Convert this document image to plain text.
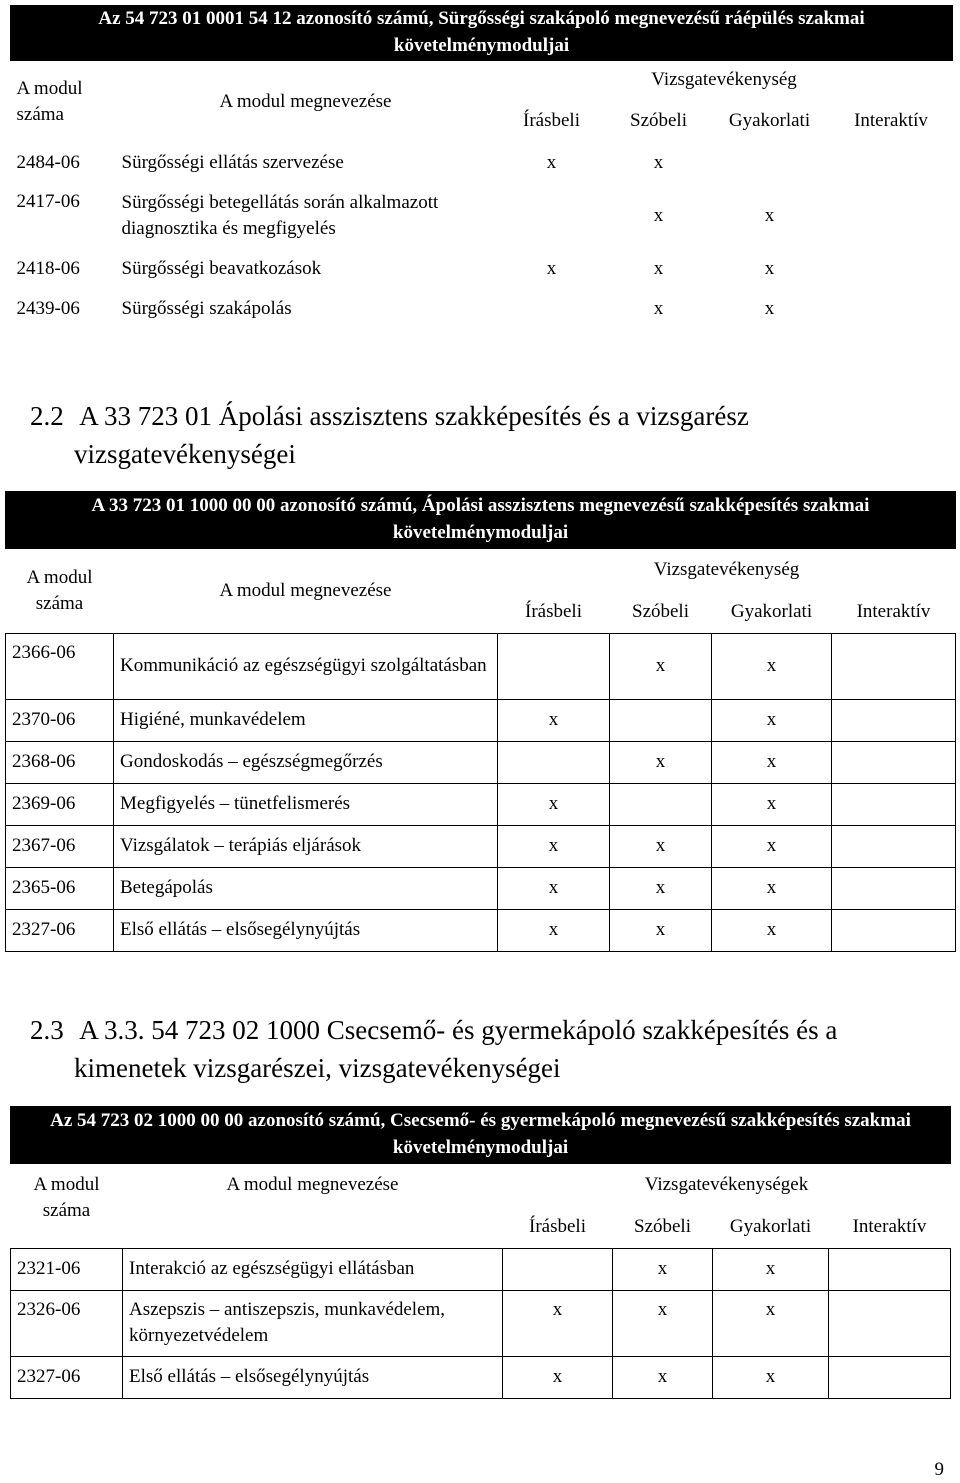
Az 54 723 01 0001 54 12 azonosító számú, Sürgősségi szakápoló megnevezésű ráépülés szakmai követelménymoduljai					
A modul száma	A modul megnevezése	Vizsgatevékenység			
		Írásbeli	Szóbeli	Gyakorlati	Interaktív
2484-06	Sürgősségi ellátás szervezése	x	x		
2417-06	Sürgősségi betegellátás során alkalmazott diagnosztika és megfigyelés		x	x	
2418-06	Sürgősségi beavatkozások	x	x	x	
2439-06	Sürgősségi szakápolás		x	x	
2.2 A 33 723 01 Ápolási asszisztens szakképesítés és a vizsgarész
vizsgatevékenységei
A 33 723 01 1000 00 00 azonosító számú, Ápolási asszisztens megnevezésű szakképesítés szakmai követelménymoduljai					
A modul száma	A modul megnevezése	Vizsgatevékenység			
		Írásbeli	Szóbeli	Gyakorlati	Interaktív
2366-06	Kommunikáció az egészségügyi szolgáltatásban		x	x	
2370-06	Higiéné, munkavédelem	x		x	
2368-06	Gondoskodás – egészségmegőrzés		x	x	
2369-06	Megfigyelés – tünetfelismerés	x		x	
2367-06	Vizsgálatok – terápiás eljárások	x	x	x	
2365-06	Betegápolás	x	x	x	
2327-06	Első ellátás – elsősegélynyújtás	x	x	x	
2.3 A 3.3. 54 723 02 1000 Csecsemő- és gyermekápoló szakképesítés és a
kimenetek vizsgarészei, vizsgatevékenységei
Az 54 723 02 1000 00 00 azonosító számú, Csecsemő- és gyermekápoló megnevezésű szakképesítés szakmai követelménymoduljai					
A modul száma	A modul megnevezése	Vizsgatevékenységek			
		Írásbeli	Szóbeli	Gyakorlati	Interaktív
2321-06	Interakció az egészségügyi ellátásban		x	x	
2326-06	Aszepszis – antiszepszis, munkavédelem, környezetvédelem	x	x	x	
2327-06	Első ellátás – elsősegélynyújtás	x	x	x	
9
